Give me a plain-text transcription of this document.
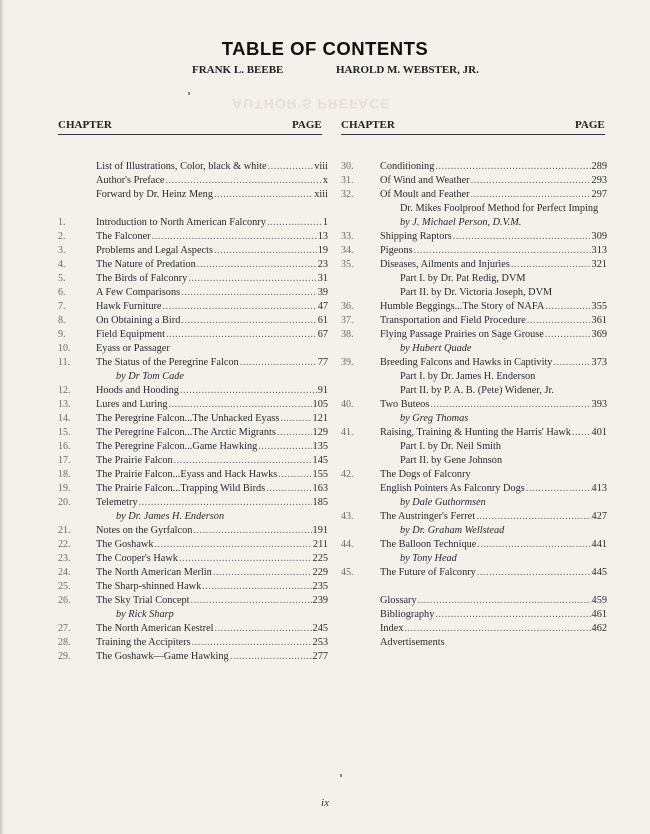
TABLE OF CONTENTS
FRANK L. BEEBE	HAROLD M. WEBSTER, JR.
AUTHOR'S PREFACE
CHAPTER	PAGE CHAPTER	PAGE
List of Illustrations, Color, black & white .....	viii
Author's Preface .....	x
Forward by Dr. Heinz Meng .....	xiii
1.	Introduction to North American Falconry .....	1
2.	The Falconer .....	13
3.	Problems and Legal Aspects .....	19
4.	The Nature of Predation .....	23
5.	The Birds of Falconry .....	31
6.	A Few Comparisons .....	39
7.	Hawk Furniture .....	47
8.	On Obtaining a Bird .....	61
9.	Field Equipment .....	67
10. Eyass or Passager
11.	The Status of the Peregrine Falcon .....	77
by Dr Tom Cade
12. Hoods and Hooding .....	91
13. Lures and Luring .....	105
14. The Peregrine Falcon...The Unhacked Eyass .....	121
15. The Peregrine Falcon...The Arctic Migrants .....	129
16. The Peregrine Falcon...Game Hawking .....	135
17. The Prairie Falcon .....	145
18. The Prairie Falcon...Eyass and Hack Hawks .....	155
19. The Prairie Falcon...Trapping Wild Birds .....	163
20. Telemetry .....	185
by Dr. James H. Enderson
21. Notes on the Gyrfalcon .....	191
22. The Goshawk .....	211
23. The Cooper's Hawk .....	225
24. The North American Merlin .....	229
25. The Sharp-shinned Hawk .....	235
26. The Sky Trial Concept .....	239
by Rick Sharp
27. The North American Kestrel .....	245
28. Training the Accipiters .....	253
29. The Goshawk—Game Hawking .....	277
30.	Conditioning .....	289
31.	Of Wind and Weather .....	293
32.	Of Moult and Feather .....	297
Dr. Mikes Foolproof Method for Perfect Imping
by J. Michael Person, D.V.M.
33.	Shipping Raptors .....	309
34.	Pigeons .....	313
35.	Diseases, Ailments and Injuries .....	321
Part I. by Dr. Pat Redig, DVM
Part II. by Dr. Victoria Joseph, DVM
36.	Humble Beggings...The Story of NAFA .....	355
37.	Transportation and Field Procedure .....	361
38.	Flying Passage Prairies on Sage Grouse .....	369
by Hubert Quade
39.	Breeding Falcons and Hawks in Captivity .....	373
Part I. by Dr. James H. Enderson
Part II. by P. A. B. (Pete) Widener, Jr.
40.	Two Buteos .....	393
by Greg Thomas
41.	Raising, Training & Hunting the Harris' Hawk ..... 401
Part I. by Dr. Neil Smith
Part II. by Gene Johnson
42.	The Dogs of Falconry
English Pointers As Falconry Dogs .....	413
by Dale Guthormsen
43.	The Austringer's Ferret .....	427
by Dr. Graham Wellstead
44.	The Balloon Technique .....	441
by Tony Head
45.	The Future of Falconry .....	445
Glossary .....	459
Bibliography .....	461
Index .....	462
Advertisements
ix
